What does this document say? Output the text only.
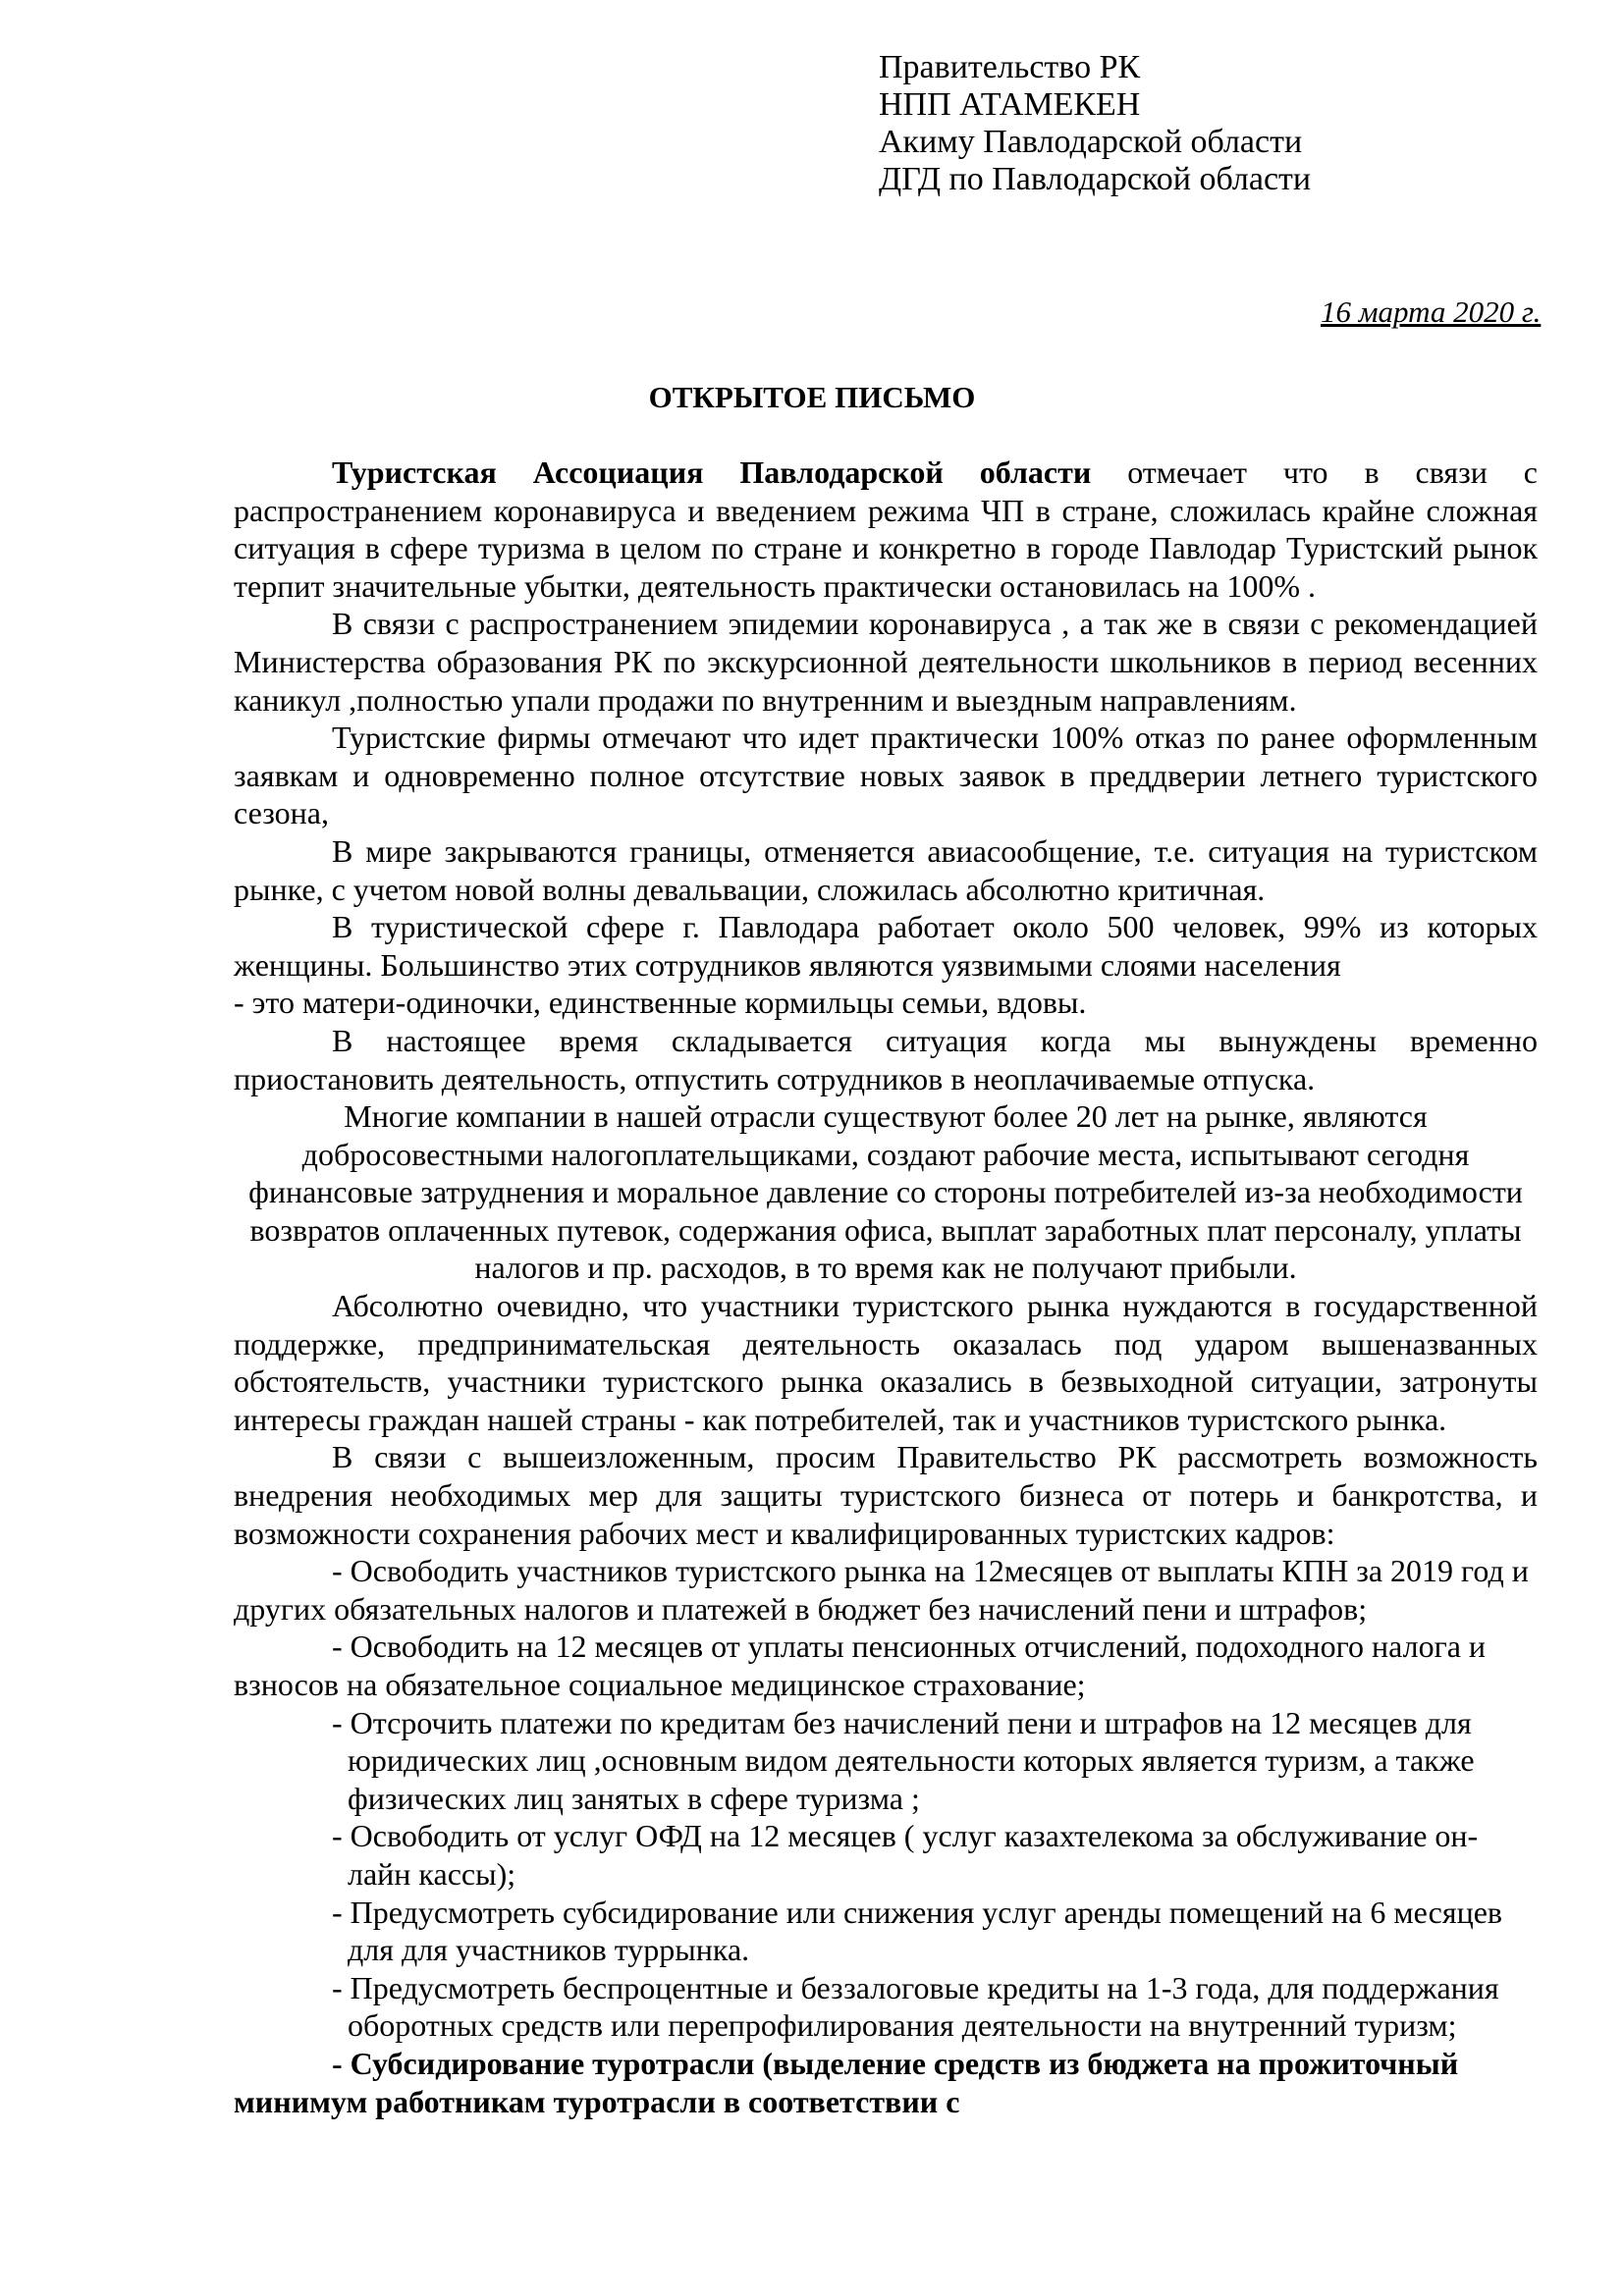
Правительство РК
НПП АТАМЕКЕН
Акиму Павлодарской области
ДГД по Павлодарской области
16 марта 2020 г.
ОТКРЫТОЕ ПИСЬМО

Туристская Ассоциация Павлодарской области отмечает что в связи с распространением коронавируса и введением режима ЧП в стране, сложилась крайне сложная ситуация в сфере туризма в целом по стране и конкретно в городе Павлодар Туристский рынок терпит значительные убытки, деятельность практически остановилась на 100% .

В связи с распространением эпидемии коронавируса , а так же в связи с рекомендацией Министерства образования РК по экскурсионной деятельности школьников в период весенних каникул ,полностью упали продажи по внутренним и выездным направлениям.

Туристские фирмы отмечают что идет практически 100% отказ по ранее оформленным заявкам и одновременно полное отсутствие новых заявок в преддверии летнего туристского сезона,

В мире закрываются границы, отменяется авиасообщение, т.е. ситуация на туристском рынке, с учетом новой волны девальвации, сложилась абсолютно критичная.

В туристической сфере г. Павлодара работает около 500 человек, 99% из которых женщины. Большинство этих сотрудников являются уязвимыми слоями населения

- это матери-одиночки, единственные кормильцы семьи, вдовы.

В настоящее время складывается ситуация когда мы вынуждены временно приостановить деятельность, отпустить сотрудников в неоплачиваемые отпуска.

Многие компании в нашей отрасли существуют более 20 лет на рынке, являются добросовестными налогоплательщиками, создают рабочие места, испытывают сегодня финансовые затруднения и моральное давление со стороны потребителей из-за необходимости возвратов оплаченных путевок, содержания офиса, выплат заработных плат персоналу, уплаты налогов и пр. расходов, в то время как не получают прибыли.

Абсолютно очевидно, что участники туристского рынка нуждаются в государственной поддержке, предпринимательская деятельность оказалась под ударом вышеназванных обстоятельств, участники туристского рынка оказались в безвыходной ситуации, затронуты интересы граждан нашей страны - как потребителей, так и участников туристского рынка.

В связи с вышеизложенным, просим Правительство РК рассмотреть возможность внедрения необходимых мер для защиты туристского бизнеса от потерь и банкротства, и возможности сохранения рабочих мест и квалифицированных туристских кадров:

- Освободить участников туристского рынка на 12месяцев от выплаты КПН за 2019 год и других обязательных налогов и платежей в бюджет без начислений пени и штрафов;

- Освободить на 12 месяцев от уплаты пенсионных отчислений, подоходного налога и взносов на обязательное социальное медицинское страхование;

- Отсрочить платежи по кредитам без начислений пени и штрафов на 12 месяцев для юридических лиц ,основным видом деятельности которых является туризм, а также физических лиц занятых в сфере туризма ;

- Освободить от услуг ОФД на 12 месяцев ( услуг казахтелекома за обслуживание он-лайн кассы);

- Предусмотреть субсидирование или снижения услуг аренды помещений на 6 месяцев для для участников туррынка.

- Предусмотреть беспроцентные и беззалоговые кредиты на 1-3 года, для поддержания оборотных средств или перепрофилирования деятельности на внутренний туризм;

- Субсидирование туротрасли (выделение средств из бюджета на прожиточный минимум работникам туротрасли в соответствии с
